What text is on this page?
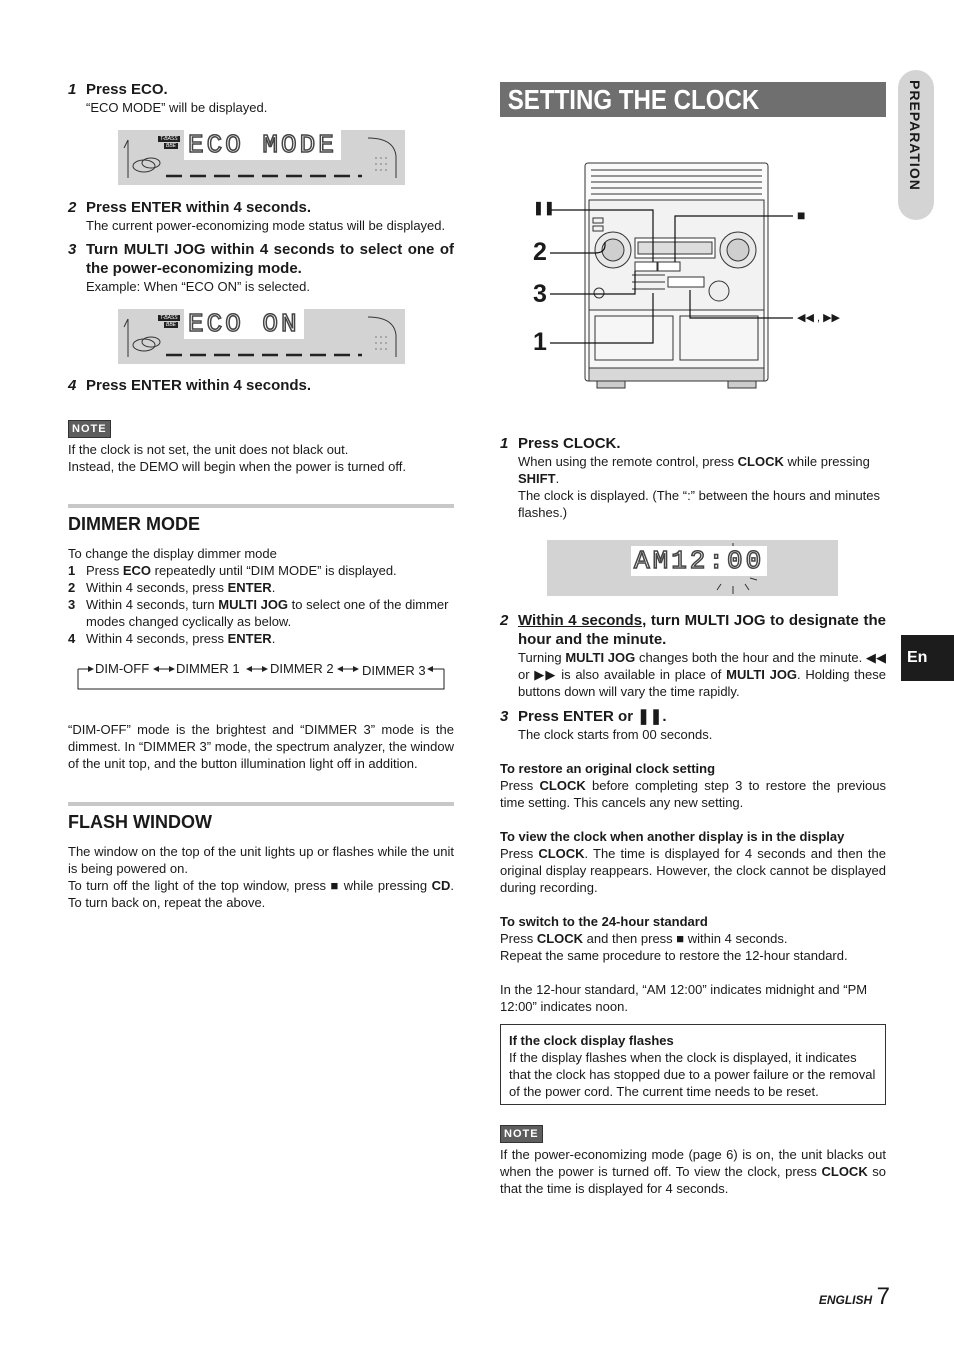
1 Press ECO.
“ECO MODE” will be displayed.
T-BASS
BBE ECO MODE
2 Press ENTER within 4 seconds.
The current power-economizing mode status will be displayed.
3 Turn MULTI JOG within 4 seconds to select one of the power-economizing mode.
Example: When “ECO ON” is selected.
T-BASS
BBE ECO ON
4 Press ENTER within 4 seconds.
NOTE
If the clock is not set, the unit does not black out.
Instead, the DEMO will begin when the power is turned off.
DIMMER MODE
To change the display dimmer mode
1 Press ECO repeatedly until “DIM MODE” is displayed.
2 Within 4 seconds, press ENTER.
3 Within 4 seconds, turn MULTI JOG to select one of the dimmer modes changed cyclically as below.
4 Within 4 seconds, press ENTER.
DIM-OFF DIMMER 1 DIMMER 2 DIMMER 3
“DIM-OFF” mode is the brightest and “DIMMER 3” mode is the dimmest. In “DIMMER 3” mode, the spectrum analyzer, the window of the unit top, and the button illumination light off in addition.
FLASH WINDOW
The window on the top of the unit lights up or flashes while the unit is being powered on.
To turn off the light of the top window, press ■ while pressing CD. To turn back on, repeat the above.
SETTING THE CLOCK
❚❚	■
2
3
1
◀◀ , ▶▶
1 Press CLOCK.
When using the remote control, press CLOCK while pressing SHIFT.
The clock is displayed. (The “:” between the hours and minutes flashes.)
AM12:00
2 Within 4 seconds, turn MULTI JOG to designate the hour and the minute.
Turning MULTI JOG changes both the hour and the minute. ◀◀ or ▶▶ is also available in place of MULTI JOG. Holding these buttons down will vary the time rapidly.
3 Press ENTER or ❚❚.
The clock starts from 00 seconds.
To restore an original clock setting
Press CLOCK before completing step 3 to restore the previous time setting. This cancels any new setting.
To view the clock when another display is in the display
Press CLOCK. The time is displayed for 4 seconds and then the original display reappears. However, the clock cannot be displayed during recording.
To switch to the 24-hour standard
Press CLOCK and then press ■ within 4 seconds.
Repeat the same procedure to restore the 12-hour standard.
In the 12-hour standard, “AM 12:00” indicates midnight and “PM 12:00” indicates noon.
If the clock display flashes
If the display flashes when the clock is displayed, it indicates that the clock has stopped due to a power failure or the removal of the power cord. The current time needs to be reset.
NOTE
If the power-economizing mode (page 6) is on, the unit blacks out when the power is turned off. To view the clock, press CLOCK so that the time is displayed for 4 seconds.
PREPARATION
En
ENGLISH 7
